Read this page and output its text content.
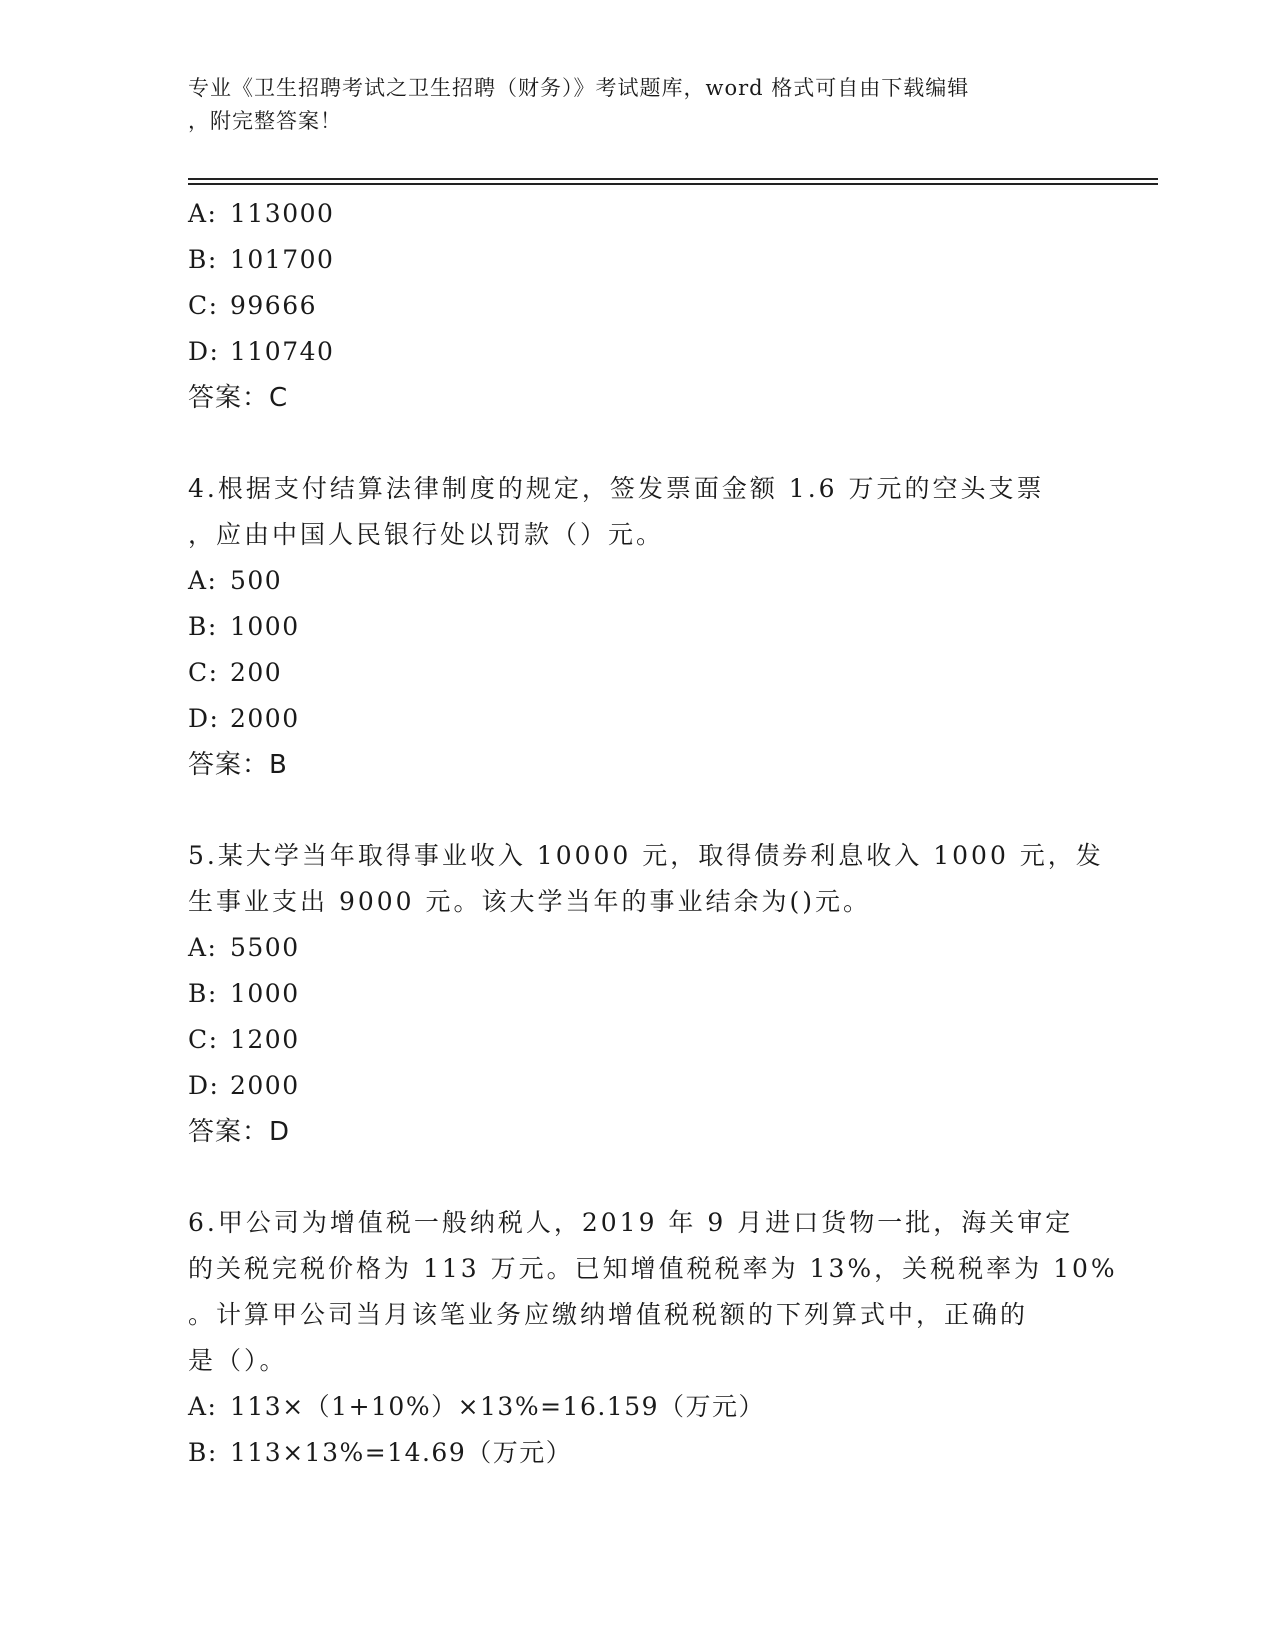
专业《卫生招聘考试之卫生招聘（财务）》考试题库，word 格式可自由下载编辑
，附完整答案！
A: 113000
B: 101700
C: 99666
D: 110740
答案：C
4.根据支付结算法律制度的规定，签发票面金额 1.6 万元的空头支票
，应由中国人民银行处以罚款（）元。
A: 500
B: 1000
C: 200
D: 2000
答案：B
5.某大学当年取得事业收入 10000 元，取得债券利息收入 1000 元，发
生事业支出 9000 元。该大学当年的事业结余为()元。
A: 5500
B: 1000
C: 1200
D: 2000
答案：D
6.甲公司为增值税一般纳税人，2019 年 9 月进口货物一批，海关审定
的关税完税价格为 113 万元。已知增值税税率为 13%，关税税率为 10%
。计算甲公司当月该笔业务应缴纳增值税税额的下列算式中，正确的
是（）。
A: 113×（1+10%）×13%=16.159（万元）
B: 113×13%=14.69（万元）
